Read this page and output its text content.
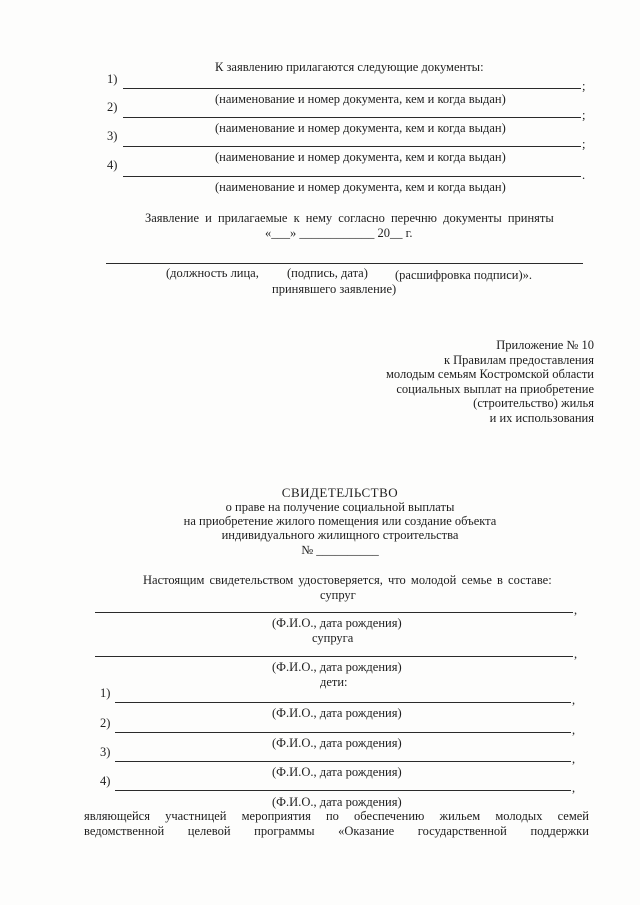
К заявлению прилагаются следующие документы:
1)	;
(наименование и номер документа, кем и когда выдан)
2)
;
(наименование и номер документа, кем и когда выдан)
3)
;
(наименование и номер документа, кем и когда выдан)
4)
.
(наименование и номер документа, кем и когда выдан)
Заявление и прилагаемые к нему согласно перечню документы приняты
«___» ____________ 20__ г.
(должность лица, (подпись, дата) (расшифровка подписи)».
принявшего заявление)
Приложение № 10
к Правилам предоставления
молодым семьям Костромской области
социальных выплат на приобретение
(строительство) жилья
и их использования
СВИДЕТЕЛЬСТВО
о праве на получение социальной выплаты
на приобретение жилого помещения или создание объекта
индивидуального жилищного строительства
№ __________
Настоящим свидетельством удостоверяется, что молодой семье в составе:
супруг
,
(Ф.И.О., дата рождения)
супруга
,
(Ф.И.О., дата рождения)
дети:
1)	,
(Ф.И.О., дата рождения)
2)	,
(Ф.И.О., дата рождения)
3)	,
(Ф.И.О., дата рождения)
4)	,
(Ф.И.О., дата рождения)
являющейся участницей мероприятия по обеспечению жильем молодых семей
ведомственной целевой программы «Оказание государственной поддержки
